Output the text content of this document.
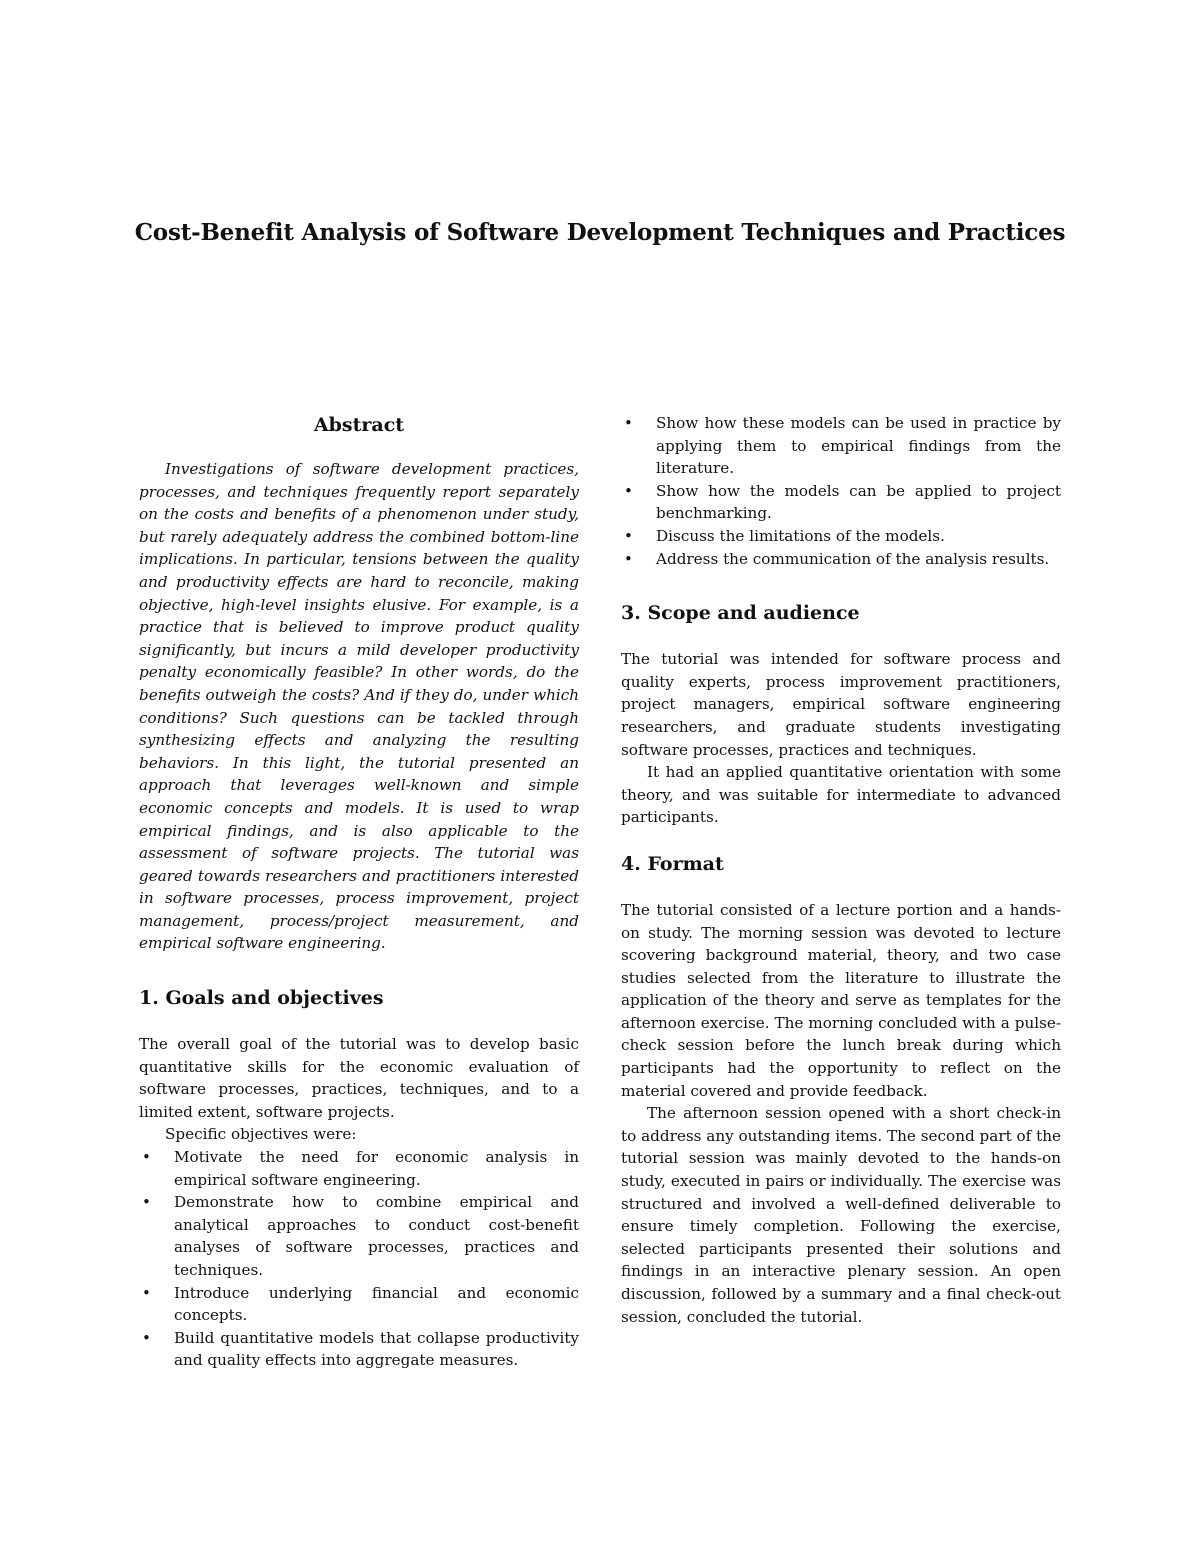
Cost-Benefit Analysis of Software Development Techniques and Practices
Abstract

Investigations of software development practices, processes, and techniques frequently report separately on the costs and benefits of a phenomenon under study, but rarely adequately address the combined bottom-line implications. In particular, tensions between the quality and productivity effects are hard to reconcile, making objective, high-level insights elusive. For example, is a practice that is believed to improve product quality significantly, but incurs a mild developer productivity penalty economically feasible? In other words, do the benefits outweigh the costs? And if they do, under which conditions? Such questions can be tackled through synthesizing effects and analyzing the resulting behaviors. In this light, the tutorial presented an approach that leverages well-known and simple economic concepts and models. It is used to wrap empirical findings, and is also applicable to the assessment of software projects. The tutorial was geared towards researchers and practitioners interested in software processes, process improvement, project management, process/project measurement, and empirical software engineering.

1. Goals and objectives

The overall goal of the tutorial was to develop basic quantitative skills for the economic evaluation of software processes, practices, techniques, and to a limited extent, software projects.

Specific objectives were:

• Motivate the need for economic analysis in empirical software engineering.
• Demonstrate how to combine empirical and analytical approaches to conduct cost-benefit analyses of software processes, practices and techniques.
• Introduce underlying financial and economic concepts.
• Build quantitative models that collapse productivity and quality effects into aggregate measures.
• Show how these models can be used in practice by applying them to empirical findings from the literature.
• Show how the models can be applied to project benchmarking.
• Discuss the limitations of the models.
• Address the communication of the analysis results.
3. Scope and audience

The tutorial was intended for software process and quality experts, process improvement practitioners, project managers, empirical software engineering researchers, and graduate students investigating software processes, practices and techniques.

It had an applied quantitative orientation with some theory, and was suitable for intermediate to advanced participants.

4. Format

The tutorial consisted of a lecture portion and a hands-on study. The morning session was devoted to lecture scovering background material, theory, and two case studies selected from the literature to illustrate the application of the theory and serve as templates for the afternoon exercise. The morning concluded with a pulse-check session before the lunch break during which participants had the opportunity to reflect on the material covered and provide feedback.

The afternoon session opened with a short check-in to address any outstanding items. The second part of the tutorial session was mainly devoted to the hands-on study, executed in pairs or individually. The exercise was structured and involved a well-defined deliverable to ensure timely completion. Following the exercise, selected participants presented their solutions and findings in an interactive plenary session. An open discussion, followed by a summary and a final check-out session, concluded the tutorial.
